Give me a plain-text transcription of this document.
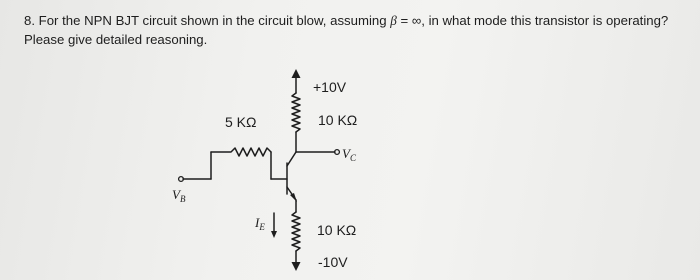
8. For the NPN BJT circuit shown in the circuit blow, assuming β = ∞, in what mode this transistor is operating? Please give detailed reasoning.

+10V
10 KΩ
5 KΩ
10 KΩ
-10V
$V_C$
$V_B$
$I_E$
